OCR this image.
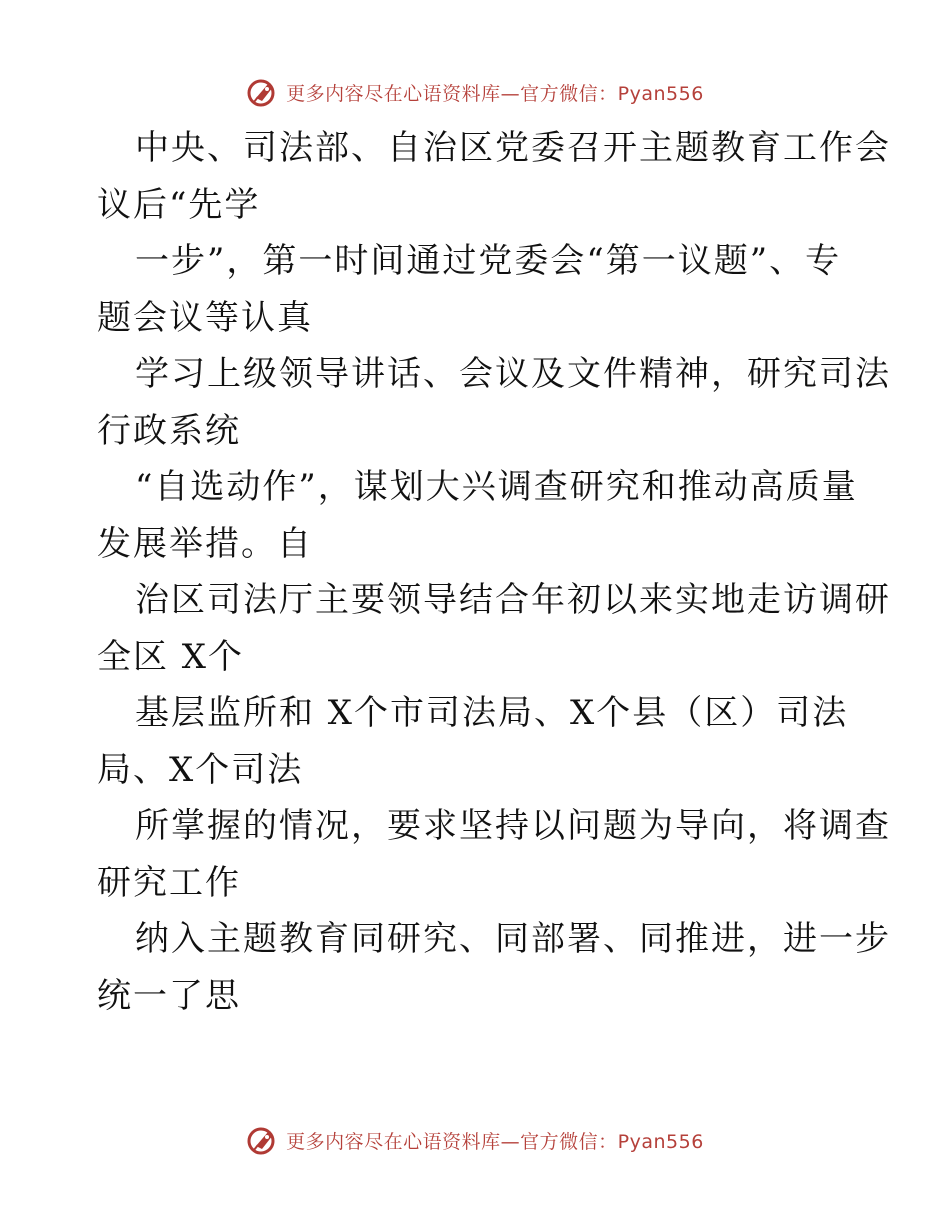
更多内容尽在心语资料库—官方微信：Pyan556
中央、司法部、自治区党委召开主题教育工作会
议后“先学
一步”，第一时间通过党委会“第一议题”、专
题会议等认真
学习上级领导讲话、会议及文件精神，研究司法
行政系统
“自选动作”，谋划大兴调查研究和推动高质量
发展举措。自
治区司法厅主要领导结合年初以来实地走访调研
全区 X个
基层监所和 X个市司法局、X个县（区）司法
局、X个司法
所掌握的情况，要求坚持以问题为导向，将调查
研究工作
纳入主题教育同研究、同部署、同推进，进一步
统一了思
更多内容尽在心语资料库—官方微信：Pyan556
